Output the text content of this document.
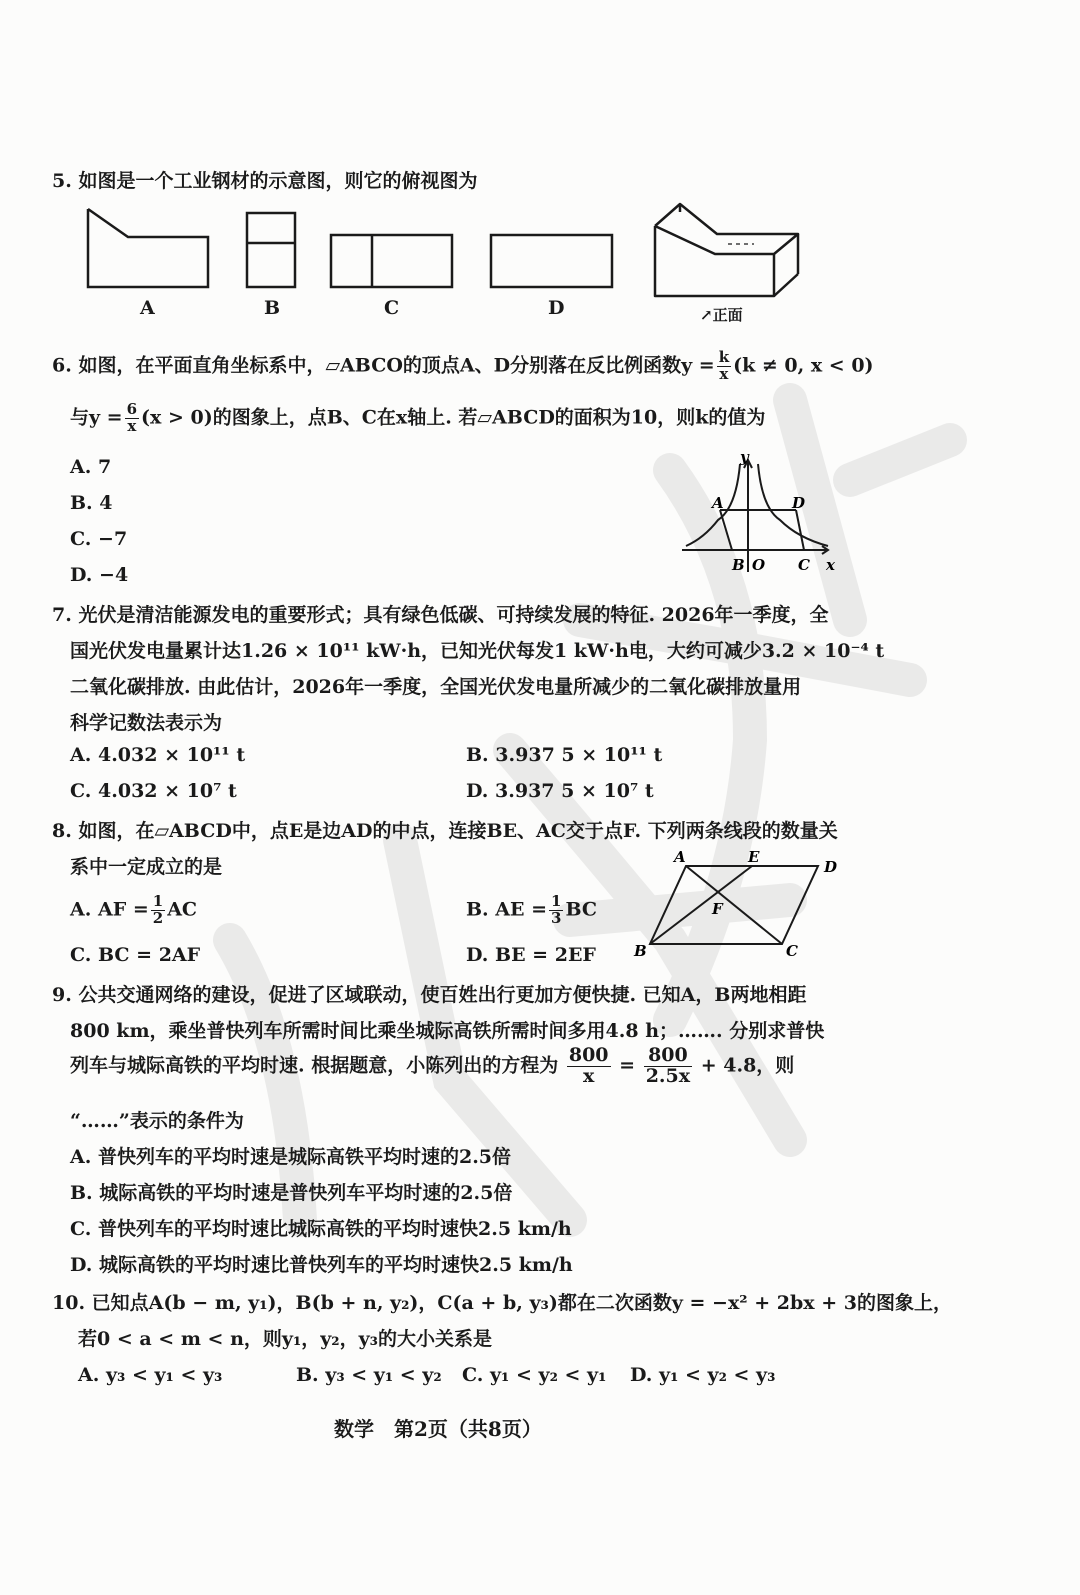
5. 如图是一个工业钢材的示意图，则它的俯视图为
A	B	C	D	↗正面
6. 如图，在平面直角坐标系中，▱ABCO的顶点A、D分别落在反比例函数$y = \frac{k}{x} (k \ne 0$, x < 0)
与$y = \frac{6}{x} (x > 0)$的图象上，点B、C在x轴上. 若▱ABCD的面积为10，则k的值为
A. 7
B. 4
C. −7
D. −4
y
x
A	D
B O C
7. 光伏是清洁能源发电的重要形式；具有绿色低碳、可持续发展的特征. 2026年一季度，全
国光伏发电量累计达1.26 × 10¹¹ kW·h，已知光伏每发1 kW·h电，大约可减少3.2 × 10⁻⁴ t
二氧化碳排放. 由此估计，2026年一季度，全国光伏发电量所减少的二氧化碳排放量用
科学记数法表示为
A. 4.032 × 10¹¹ t	B. 3.937 5 × 10¹¹ t
C. 4.032 × 10⁷ t	D. 3.937 5 × 10⁷ t
8. 如图，在▱ABCD中，点E是边AD的中点，连接BE、AC交于点F. 下列两条线段的数量关
系中一定成立的是
A. AF = $\frac{1}{2}$ AC	B. AE = $\frac{1}{3}$ BC
C. BC = 2AF	D. BE = 2EF
A	E
D
F
B	C
9. 公共交通网络的建设，促进了区域联动，使百姓出行更加方便快捷. 已知A，B两地相距
800 km，乘坐普快列车所需时间比乘坐城际高铁所需时间多用4.8 h；……. 分别求普快
列车与城际高铁的平均时速. 根据题意，小陈列出的方程为 $\frac{800}{x} = \frac{800}{2.5x} + 4.8$，则
“……”表示的条件为
A. 普快列车的平均时速是城际高铁平均时速的2.5倍
B. 城际高铁的平均时速是普快列车平均时速的2.5倍
C. 普快列车的平均时速比城际高铁的平均时速快2.5 km/h
D. 城际高铁的平均时速比普快列车的平均时速快2.5 km/h
10. 已知点A(b − m, y₁)，B(b + n, y₂)，C(a + b, y₃)都在二次函数y = −x² + 2bx + 3的图象上，
若0 < a < m < n，则y₁，y₂，y₃的大小关系是
A. y₃ < y₁ < y₃	B. y₃ < y₁ < y₂ C. y₁ < y₂ < y₁ D. y₁ < y₂ < y₃
数学　第2页（共8页）
